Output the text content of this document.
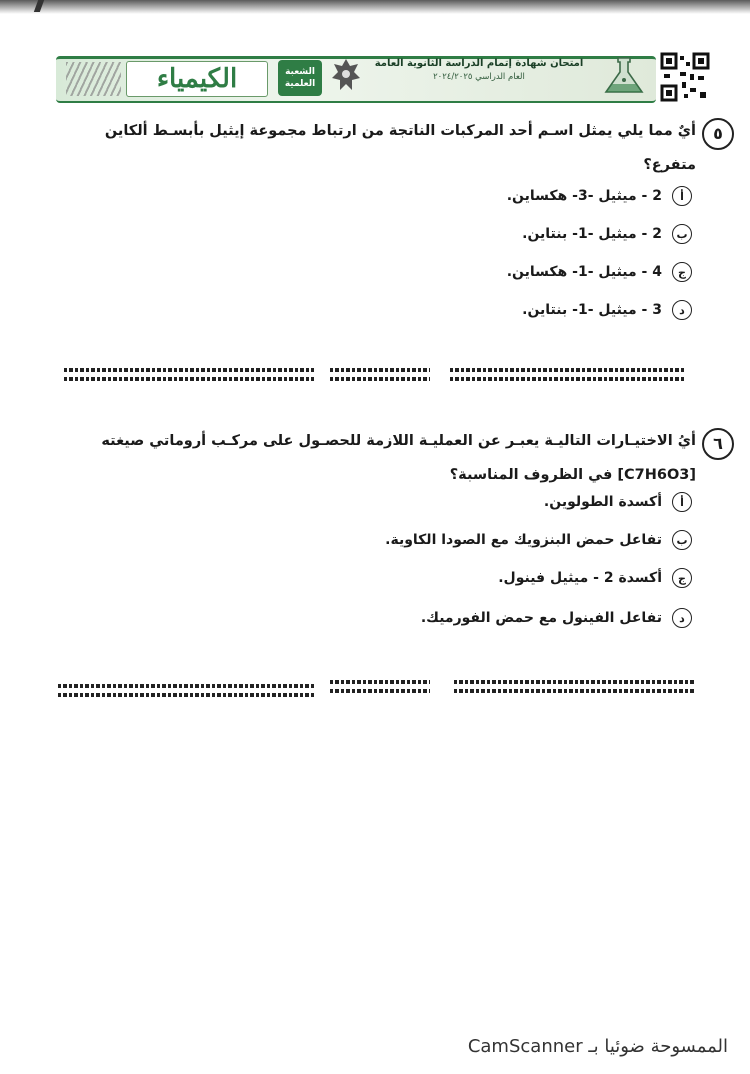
الكيمياء	الشعبة
العلمية
امتحان شهادة إتمام الدراسة الثانوية العامة
العام الدراسي ٢٠٢٤/٢٠٢٥
٥
أيٌ مما يلي يمثل اسـم أحد المركبات الناتجة من ارتباط مجموعة إيثيل بأبسـط ألكاين متفرع؟
أ
2 - ميثيل -3- هكساين.
ب
2 - ميثيل -1- بنتاين.
ج
4 - ميثيل -1- هكساين.
د
3 - ميثيل -1- بنتاين.
٦
أيُ الاختيـارات التاليـة يعبـر عن العمليـة اللازمة للحصـول على مركـب أروماتي صيغته [C7H6O3] في الظروف المناسبة؟
أ
أكسدة الطولوين.
ب
تفاعل حمض البنزويك مع الصودا الكاوية.
ج
أكسدة 2 - ميثيل فينول.
د
تفاعل الفينول مع حمض الفورميك.
الممسوحة ضوئيا بـ CamScanner
